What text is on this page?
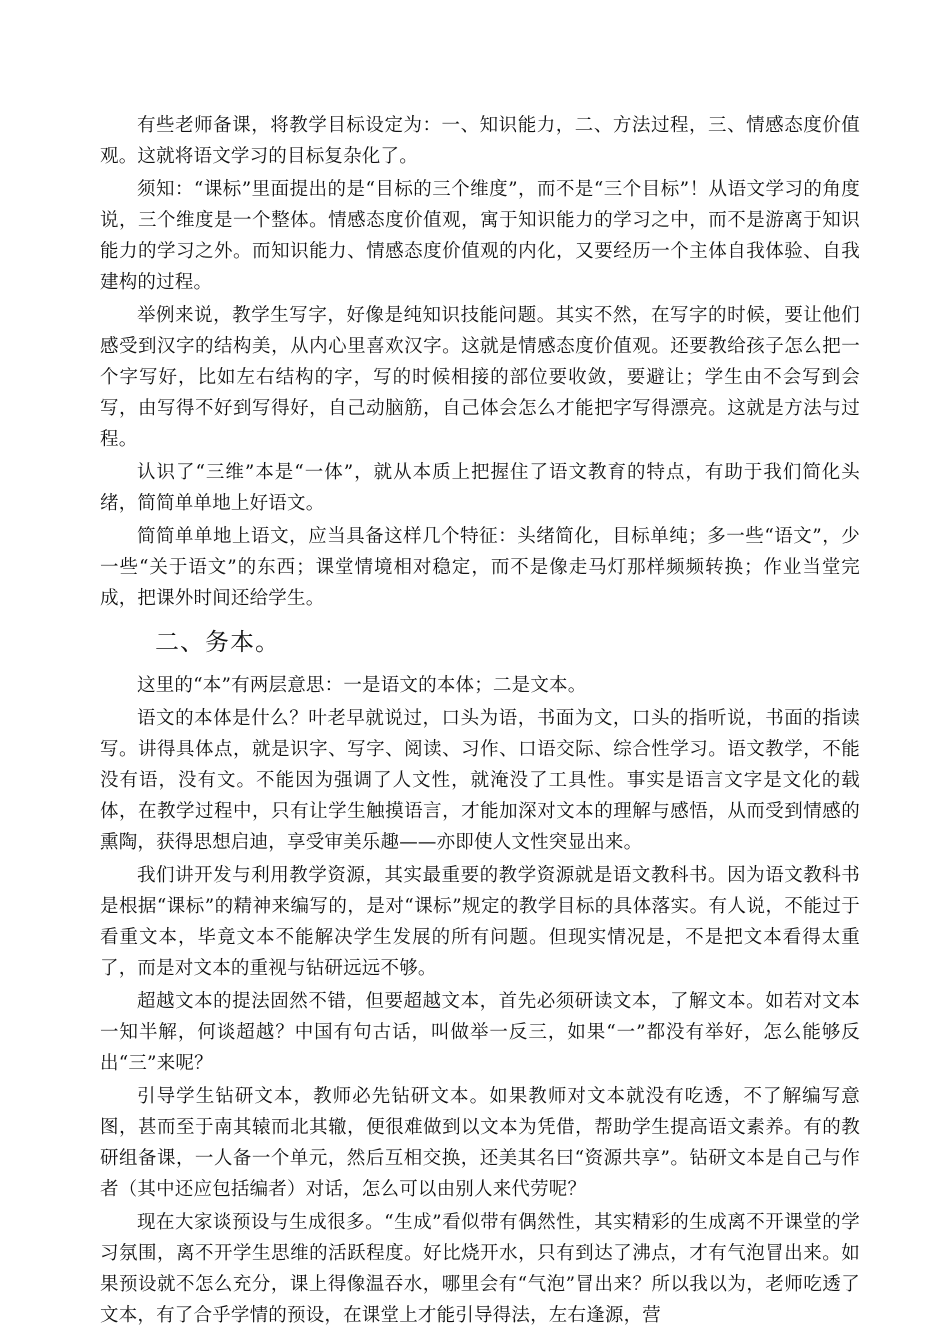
有些老师备课，将教学目标设定为：一、知识能力，二、方法过程，三、情感态度价值观。这就将语文学习的目标复杂化了。

须知：“课标”里面提出的是“目标的三个维度”，而不是“三个目标”！从语文学习的角度说，三个维度是一个整体。情感态度价值观，寓于知识能力的学习之中，而不是游离于知识能力的学习之外。而知识能力、情感态度价值观的内化，又要经历一个主体自我体验、自我建构的过程。

举例来说，教学生写字，好像是纯知识技能问题。其实不然，在写字的时候，要让他们感受到汉字的结构美，从内心里喜欢汉字。这就是情感态度价值观。还要教给孩子怎么把一个字写好，比如左右结构的字，写的时候相接的部位要收敛，要避让；学生由不会写到会写，由写得不好到写得好，自己动脑筋，自己体会怎么才能把字写得漂亮。这就是方法与过程。

认识了“三维”本是“一体”，就从本质上把握住了语文教育的特点，有助于我们简化头绪，简简单单地上好语文。

简简单单地上语文，应当具备这样几个特征：头绪简化，目标单纯；多一些“语文”，少一些“关于语文”的东西；课堂情境相对稳定，而不是像走马灯那样频频转换；作业当堂完成，把课外时间还给学生。

二、务本。

这里的“本”有两层意思：一是语文的本体；二是文本。

语文的本体是什么？叶老早就说过，口头为语，书面为文，口头的指听说，书面的指读写。讲得具体点，就是识字、写字、阅读、习作、口语交际、综合性学习。语文教学，不能没有语，没有文。不能因为强调了人文性，就淹没了工具性。事实是语言文字是文化的载体，在教学过程中，只有让学生触摸语言，才能加深对文本的理解与感悟，从而受到情感的熏陶，获得思想启迪，享受审美乐趣——亦即使人文性突显出来。

我们讲开发与利用教学资源，其实最重要的教学资源就是语文教科书。因为语文教科书是根据“课标”的精神来编写的，是对“课标”规定的教学目标的具体落实。有人说，不能过于看重文本，毕竟文本不能解决学生发展的所有问题。但现实情况是，不是把文本看得太重了，而是对文本的重视与钻研远远不够。

超越文本的提法固然不错，但要超越文本，首先必须研读文本，了解文本。如若对文本一知半解，何谈超越？中国有句古话，叫做举一反三，如果“一”都没有举好，怎么能够反出“三”来呢？

引导学生钻研文本，教师必先钻研文本。如果教师对文本就没有吃透，不了解编写意图，甚而至于南其辕而北其辙，便很难做到以文本为凭借，帮助学生提高语文素养。有的教研组备课，一人备一个单元，然后互相交换，还美其名曰“资源共享”。钻研文本是自己与作者（其中还应包括编者）对话，怎么可以由别人来代劳呢？

现在大家谈预设与生成很多。“生成”看似带有偶然性，其实精彩的生成离不开课堂的学习氛围，离不开学生思维的活跃程度。好比烧开水，只有到达了沸点，才有气泡冒出来。如果预设就不怎么充分，课上得像温吞水，哪里会有“气泡”冒出来？所以我以为，老师吃透了文本，有了合乎学情的预设，在课堂上才能引导得法，左右逢源，营
